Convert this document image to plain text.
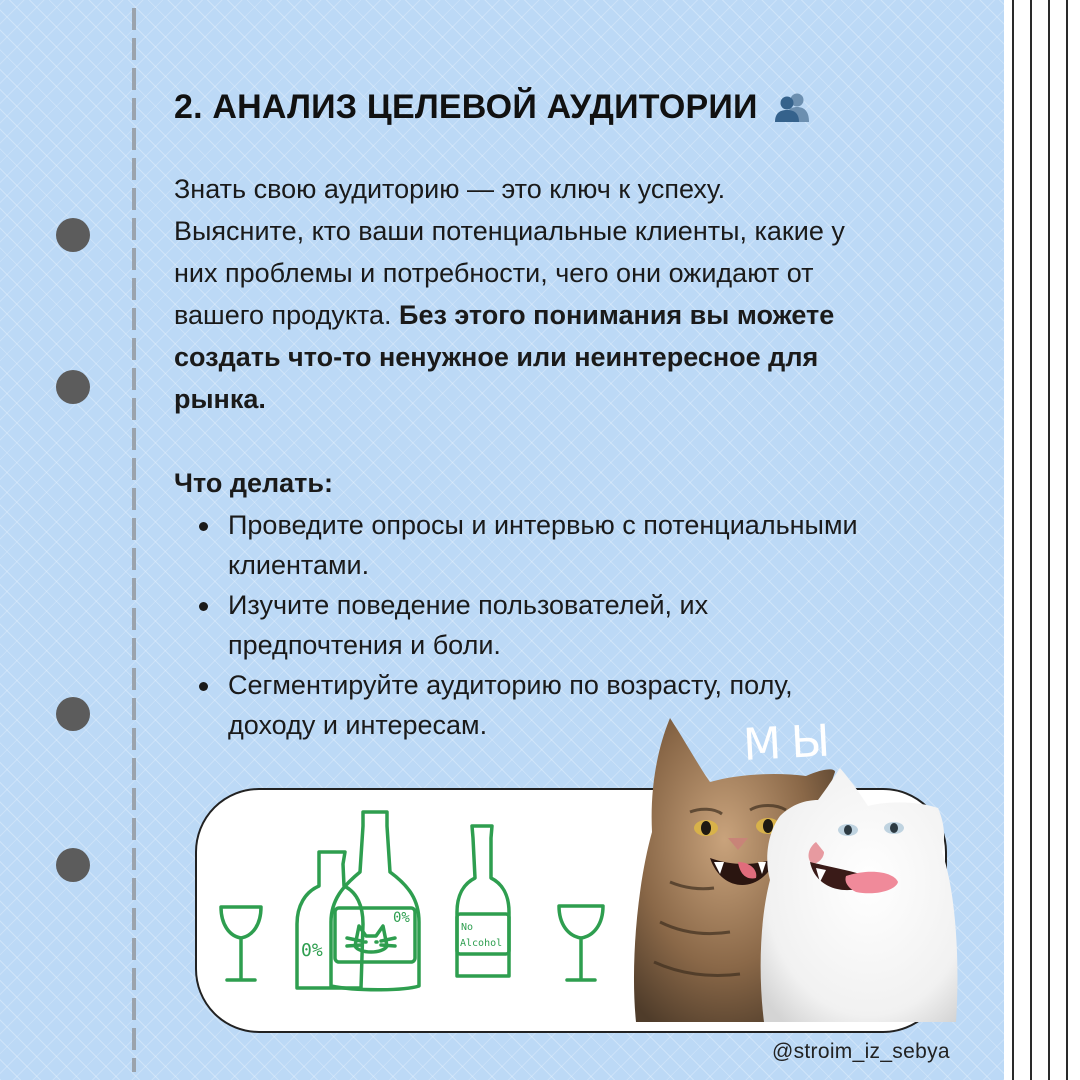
2. АНАЛИЗ ЦЕЛЕВОЙ АУДИТОРИИ
Знать свою аудиторию — это ключ к успеху.
Выясните, кто ваши потенциальные клиенты, какие у
них проблемы и потребности, чего они ожидают от
вашего продукта. Без этого понимания вы можете
создать что-то ненужное или неинтересное для
рынка.
Что делать:
Проведите опросы и интервью с потенциальными
клиентами.
Изучите поведение пользователей, их
предпочтения и боли.
Сегментируйте аудиторию по возрасту, полу,
доходу и интересам.
0%
0%
No
Alcohol
МЫ
@stroim_iz_sebya
